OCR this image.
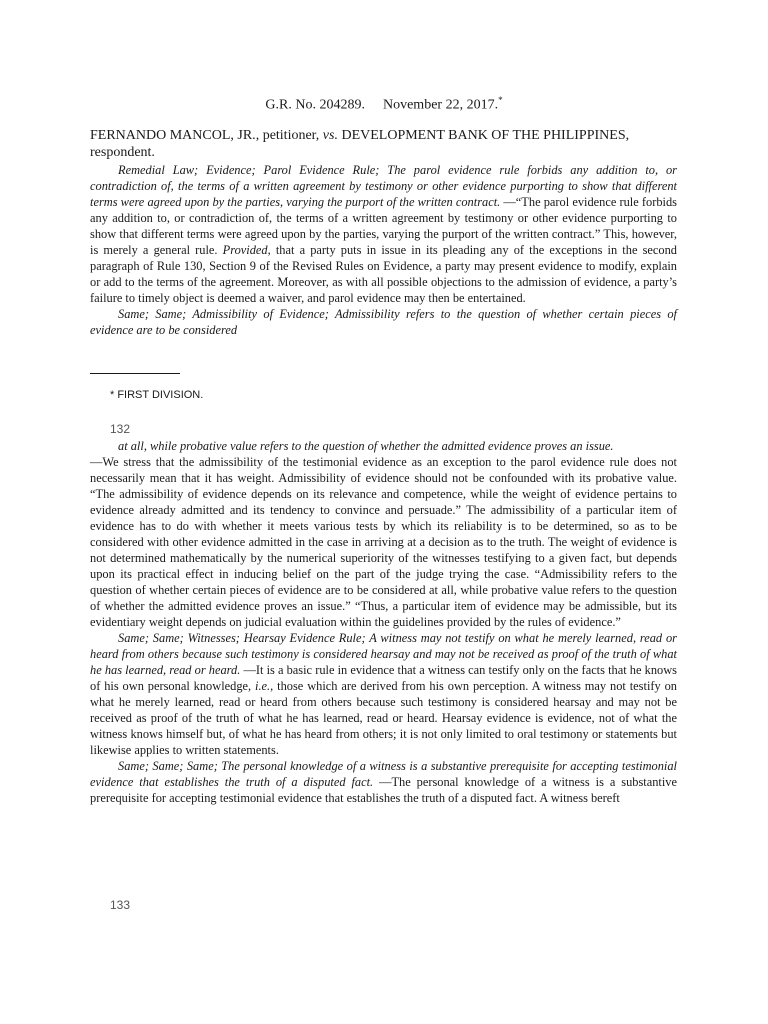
G.R. No. 204289. November 22, 2017.*
FERNANDO MANCOL, JR., petitioner, vs. DEVELOPMENT BANK OF THE PHILIPPINES,
respondent.

Remedial Law; Evidence; Parol Evidence Rule; The parol evidence rule forbids any addition to, or contradiction of, the terms of a written agreement by testimony or other evidence purporting to show that different terms were agreed upon by the parties, varying the purport of the written contract. —“The parol evidence rule forbids any addition to, or contradiction of, the terms of a written agreement by testimony or other evidence purporting to show that different terms were agreed upon by the parties, varying the purport of the written contract.” This, however, is merely a general rule. Provided, that a party puts in issue in its pleading any of the exceptions in the second paragraph of Rule 130, Section 9 of the Revised Rules on Evidence, a party may present evidence to modify, explain or add to the terms of the agreement. Moreover, as with all possible objections to the admission of evidence, a party’s failure to timely object is deemed a waiver, and parol evidence may then be entertained.

Same; Same; Admissibility of Evidence; Admissibility refers to the question of whether certain pieces of evidence are to be considered

* FIRST DIVISION.
132

at all, while probative value refers to the question of whether the admitted evidence proves an issue.

—We stress that the admissibility of the testimonial evidence as an exception to the parol evidence rule does not necessarily mean that it has weight. Admissibility of evidence should not be confounded with its probative value. “The admissibility of evidence depends on its relevance and competence, while the weight of evidence pertains to evidence already admitted and its tendency to convince and persuade.” The admissibility of a particular item of evidence has to do with whether it meets various tests by which its reliability is to be determined, so as to be considered with other evidence admitted in the case in arriving at a decision as to the truth. The weight of evidence is not determined mathematically by the numerical superiority of the witnesses testifying to a given fact, but depends upon its practical effect in inducing belief on the part of the judge trying the case. “Admissibility refers to the question of whether certain pieces of evidence are to be considered at all, while probative value refers to the question of whether the admitted evidence proves an issue.” “Thus, a particular item of evidence may be admissible, but its evidentiary weight depends on judicial evaluation within the guidelines provided by the rules of evidence.”

Same; Same; Witnesses; Hearsay Evidence Rule; A witness may not testify on what he merely learned, read or heard from others because such testimony is considered hearsay and may not be received as proof of the truth of what he has learned, read or heard. —It is a basic rule in evidence that a witness can testify only on the facts that he knows of his own personal knowledge, i.e., those which are derived from his own perception. A witness may not testify on what he merely learned, read or heard from others because such testimony is considered hearsay and may not be received as proof of the truth of what he has learned, read or heard. Hearsay evidence is evidence, not of what the witness knows himself but, of what he has heard from others; it is not only limited to oral testimony or statements but likewise applies to written statements.

Same; Same; Same; The personal knowledge of a witness is a substantive prerequisite for accepting testimonial evidence that establishes the truth of a disputed fact. —The personal knowledge of a witness is a substantive prerequisite for accepting testimonial evidence that establishes the truth of a disputed fact. A witness bereft

133
